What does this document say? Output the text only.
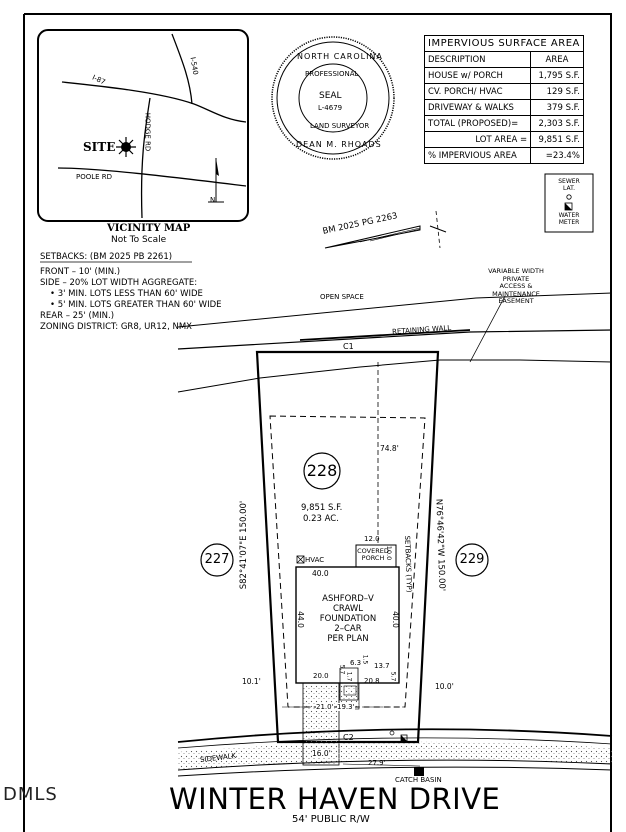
I-540
I-87
HODGE RD
POOLE RD
SITE
N
VICINITY MAP
Not To Scale
NORTH CAROLINA
PROFESSIONAL
SEAL
L-4679
LAND SURVEYOR
DEAN M. RHOADS
IMPERVIOUS SURFACE AREA	
DESCRIPTION	AREA
HOUSE w/ PORCH	1,795 S.F.
CV. PORCH/ HVAC	129 S.F.
DRIVEWAY & WALKS	379 S.F.
TOTAL (PROPOSED)=	2,303 S.F.
LOT AREA =	9,851 S.F.
% IMPERVIOUS AREA	=23.4%
SEWER LAT.
WATER METER
BM 2025 PG 2263
SETBACKS: (BM 2025 PB 2261)
FRONT – 10' (MIN.)
SIDE – 20% LOT WIDTH AGGREGATE:
• 3' MIN. LOTS LESS THAN 60' WIDE
• 5' MIN. LOTS GREATER THAN 60' WIDE
REAR – 25' (MIN.)
ZONING DISTRICT: GR8, UR12, NMX
VARIABLE WIDTH
PRIVATE
ACCESS &
MAINTENANCE
EASEMENT
OPEN SPACE
RETAINING WALL
C1
C2
228
9,851 S.F.
0.23 AC.
227	229
S82°41'07"E 150.00'	N76°46'42"W 150.00'
SETBACKS (TYP)
74.8'
HVAC
12.0
COVERED
PORCH 10.0
40.0
44.0	40.0
ASHFORD–V
CRAWL
FOUNDATION
2–CAR
PER PLAN
20.0
20.8
6.3 13.7
1.5
5.7
5.7
1.7
10.1'
10.0'
21.0' 19.3'
16.0'
27.9'
SIDEWALK
CATCH BASIN
WINTER HAVEN DRIVE
54' PUBLIC R/W
DMLS
